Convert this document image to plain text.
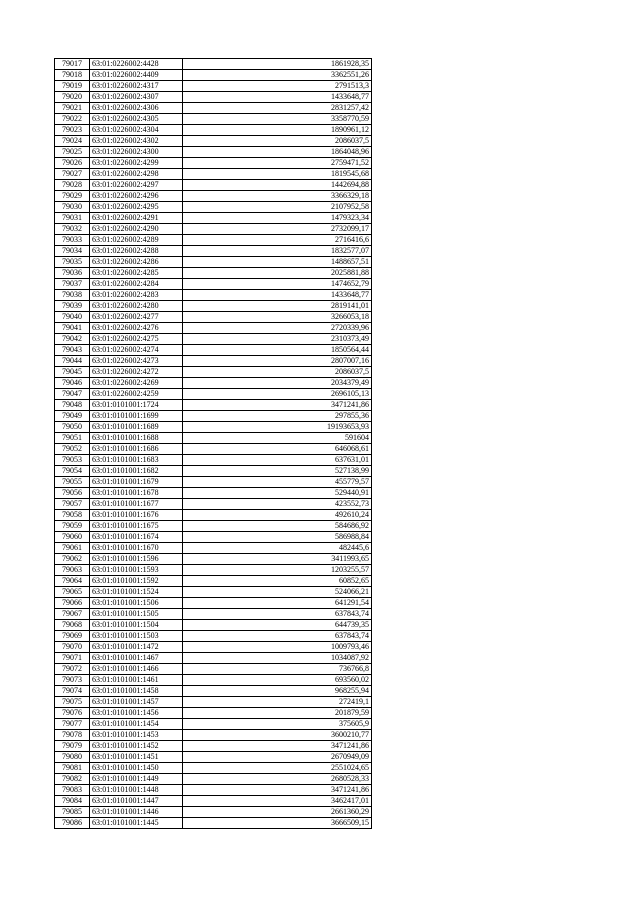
79017	63:01:0226002:4428	1861928,35
79018	63:01:0226002:4409	3362551,26
79019	63:01:0226002:4317	2791513,3
79020	63:01:0226002:4307	1433648,77
79021	63:01:0226002:4306	2831257,42
79022	63:01:0226002:4305	3358770,59
79023	63:01:0226002:4304	1890961,12
79024	63:01:0226002:4302	2086037,5
79025	63:01:0226002:4300	1864048,96
79026	63:01:0226002:4299	2759471,52
79027	63:01:0226002:4298	1819545,68
79028	63:01:0226002:4297	1442694,88
79029	63:01:0226002:4296	3366329,18
79030	63:01:0226002:4295	2107952,58
79031	63:01:0226002:4291	1479323,34
79032	63:01:0226002:4290	2732099,17
79033	63:01:0226002:4289	2716416,6
79034	63:01:0226002:4288	1832577,07
79035	63:01:0226002:4286	1488657,51
79036	63:01:0226002:4285	2025881,88
79037	63:01:0226002:4284	1474652,79
79038	63:01:0226002:4283	1433648,77
79039	63:01:0226002:4280	2819141,01
79040	63:01:0226002:4277	3266053,18
79041	63:01:0226002:4276	2720339,96
79042	63:01:0226002:4275	2310373,49
79043	63:01:0226002:4274	1850564,44
79044	63:01:0226002:4273	2807007,16
79045	63:01:0226002:4272	2086037,5
79046	63:01:0226002:4269	2034379,49
79047	63:01:0226002:4259	2696105,13
79048	63:01:0101001:1724	3471241,86
79049	63:01:0101001:1699	297855,36
79050	63:01:0101001:1689	19193653,93
79051	63:01:0101001:1688	591604
79052	63:01:0101001:1686	646068,61
79053	63:01:0101001:1683	637631,01
79054	63:01:0101001:1682	527138,99
79055	63:01:0101001:1679	455779,57
79056	63:01:0101001:1678	529440,91
79057	63:01:0101001:1677	423552,73
79058	63:01:0101001:1676	492610,24
79059	63:01:0101001:1675	584686,92
79060	63:01:0101001:1674	586988,84
79061	63:01:0101001:1670	482445,6
79062	63:01:0101001:1596	3411993,65
79063	63:01:0101001:1593	1203255,57
79064	63:01:0101001:1592	60852,65
79065	63:01:0101001:1524	524066,21
79066	63:01:0101001:1506	641291,54
79067	63:01:0101001:1505	637843,74
79068	63:01:0101001:1504	644739,35
79069	63:01:0101001:1503	637843,74
79070	63:01:0101001:1472	1009793,46
79071	63:01:0101001:1467	1034087,92
79072	63:01:0101001:1466	736766,8
79073	63:01:0101001:1461	693560,02
79074	63:01:0101001:1458	968255,94
79075	63:01:0101001:1457	272419,1
79076	63:01:0101001:1456	201879,59
79077	63:01:0101001:1454	375605,9
79078	63:01:0101001:1453	3600210,77
79079	63:01:0101001:1452	3471241,86
79080	63:01:0101001:1451	2670949,09
79081	63:01:0101001:1450	2551024,65
79082	63:01:0101001:1449	2680528,33
79083	63:01:0101001:1448	3471241,86
79084	63:01:0101001:1447	3462417,01
79085	63:01:0101001:1446	2661360,29
79086	63:01:0101001:1445	3666509,15
